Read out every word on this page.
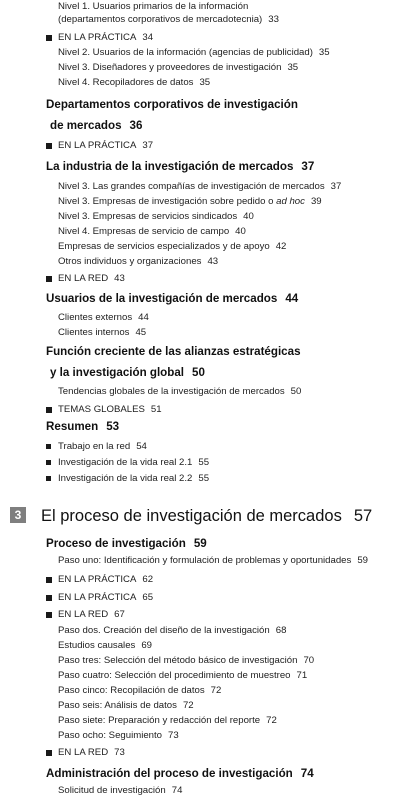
Nivel 1. Usuarios primarios de la información
(departamentos corporativos de mercadotecnia) 33
EN LA PRÁCTICA 34
Nivel 2. Usuarios de la información (agencias de publicidad) 35
Nivel 3. Diseñadores y proveedores de investigación 35
Nivel 4. Recopiladores de datos 35
Departamentos corporativos de investigación
de mercados 36
EN LA PRÁCTICA 37
La industria de la investigación de mercados 37
Nivel 3. Las grandes compañías de investigación de mercados 37
Nivel 3. Empresas de investigación sobre pedido o ad hoc 39
Nivel 3. Empresas de servicios sindicados 40
Nivel 4. Empresas de servicio de campo 40
Empresas de servicios especializados y de apoyo 42
Otros individuos y organizaciones 43
EN LA RED 43
Usuarios de la investigación de mercados 44
Clientes externos 44
Clientes internos 45
Función creciente de las alianzas estratégicas
y la investigación global 50
Tendencias globales de la investigación de mercados 50
TEMAS GLOBALES 51
Resumen 53
Trabajo en la red 54
Investigación de la vida real 2.1 55
Investigación de la vida real 2.2 55
3 El proceso de investigación de mercados 57
Proceso de investigación 59
Paso uno: Identificación y formulación de problemas y oportunidades 59
EN LA PRÁCTICA 62
EN LA PRÁCTICA 65
EN LA RED 67
Paso dos. Creación del diseño de la investigación 68
Estudios causales 69
Paso tres: Selección del método básico de investigación 70
Paso cuatro: Selección del procedimiento de muestreo 71
Paso cinco: Recopilación de datos 72
Paso seis: Análisis de datos 72
Paso siete: Preparación y redacción del reporte 72
Paso ocho: Seguimiento 73
EN LA RED 73
Administración del proceso de investigación 74
Solicitud de investigación 74
